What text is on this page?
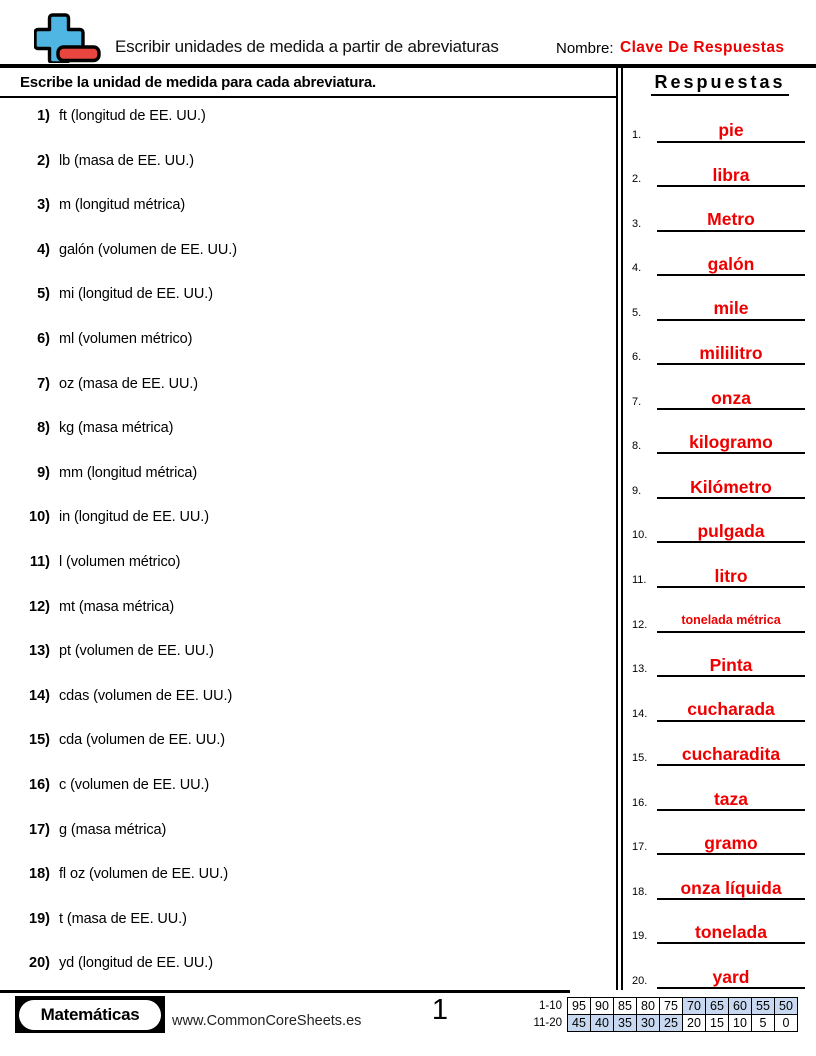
Escribir unidades de medida a partir de abreviaturas	Nombre: Clave De Respuestas
Escribe la unidad de medida para cada abreviatura.
1) ft (longitud de EE. UU.)
2) lb (masa de EE. UU.)
3) m (longitud métrica)
4) galón (volumen de EE. UU.)
5) mi (longitud de EE. UU.)
6) ml (volumen métrico)
7) oz (masa de EE. UU.)
8) kg (masa métrica)
9) mm (longitud métrica)
10) in (longitud de EE. UU.)
11) l (volumen métrico)
12) mt (masa métrica)
13) pt (volumen de EE. UU.)
14) cdas (volumen de EE. UU.)
15) cda (volumen de EE. UU.)
16) c (volumen de EE. UU.)
17) g (masa métrica)
18) fl oz (volumen de EE. UU.)
19) t (masa de EE. UU.)
20) yd (longitud de EE. UU.)
Respuestas
1.	pie
2.	libra
3.	Metro
4.	galón
5.	mile
6.	mililitro
7.	onza
8.	kilogramo
9.	Kilómetro
10.	pulgada
11.	litro
12.	tonelada métrica
13.	Pinta
14.	cucharada
15.	cucharadita
16.	taza
17.	gramo
18.	onza líquida
19.	tonelada
20.	yard
Matemáticas	www.CommonCoreSheets.es	1	1-10	95	90	85	80	75	70	65	60	55	50
11-20	45	40	35	30	25	20	15	10	5	0
